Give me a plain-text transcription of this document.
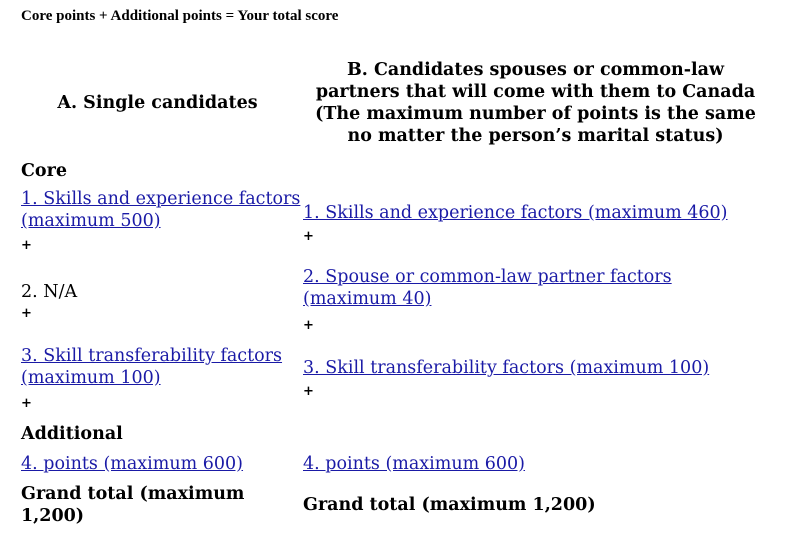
Core points + Additional points = Your total score
A. Single candidates
B. Candidates spouses or common-law partners that will come with them to Canada (The maximum number of points is the same no matter the person’s marital status)
Core
1. Skills and experience factors (maximum 500)
+
1. Skills and experience factors (maximum 460)
+
2. N/A
+
2. Spouse or common-law partner factors (maximum 40)
+
3. Skill transferability factors (maximum 100)
+
3. Skill transferability factors (maximum 100)
+
Additional
4. points (maximum 600)	4. points (maximum 600)
Grand total (maximum 1,200)
Grand total (maximum 1,200)
